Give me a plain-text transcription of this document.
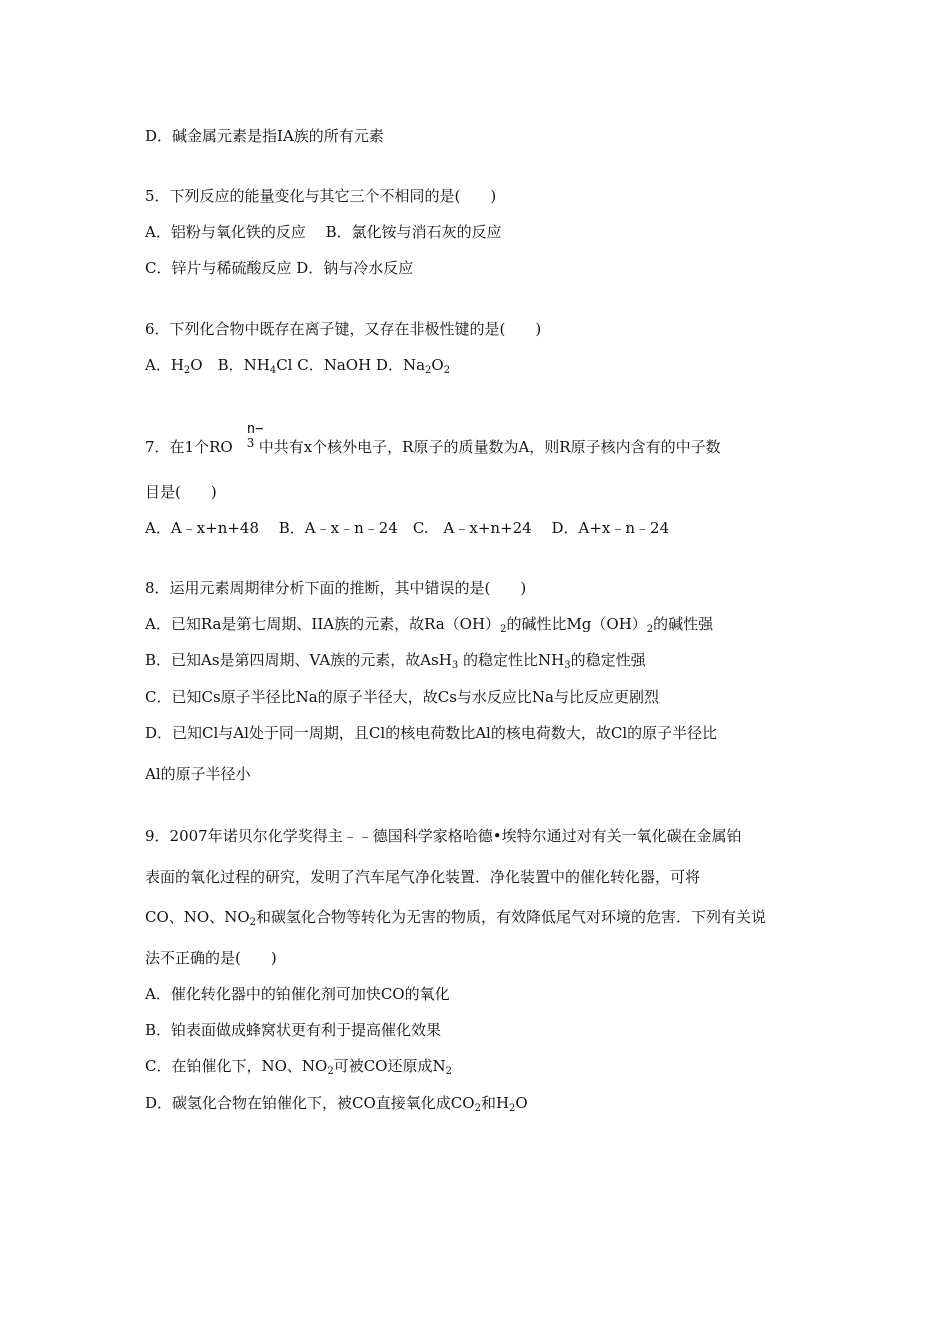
D．碱金属元素是指ⅠA族的所有元素
5．下列反应的能量变化与其它三个不相同的是(　　)
A．铝粉与氧化铁的反应　 B．氯化铵与消石灰的反应
C．锌片与稀硫酸反应 D．钠与冷水反应
6．下列化合物中既存在离子键，又存在非极性键的是(　　)
A．$H_2O$　B．$NH_4Cl$ C．NaOH D．$Na_2O_2$
7．在1个RO
n−
3 中共有x个核外电子，R原子的质量数为A，则R原子核内含有的中子数
目是(　　)
A．A﹣x+n+48　 B．A﹣x﹣n﹣24　C.　A﹣x+n+24　 D．A+x﹣n﹣24
8．运用元素周期律分析下面的推断，其中错误的是(　　)
A．已知Ra是第七周期、IIA族的元素，故$Ra(OH)_2$的碱性比$Mg(OH)_2$的碱性强
B．已知As是第四周期、VA族的元素，故AsH$_3$ 的稳定性比$NH_3$的稳定性强
C．已知Cs原子半径比Na的原子半径大，故Cs与水反应比Na与比反应更剧烈
D．已知Cl与Al处于同一周期，且Cl的核电荷数比Al的核电荷数大，故Cl的原子半径比
Al的原子半径小
9．2007年诺贝尔化学奖得主﹣﹣德国科学家格哈德•埃特尔通过对有关一氧化碳在金属铂
表面的氧化过程的研究，发明了汽车尾气净化装置．净化装置中的催化转化器，可将
CO、NO、$NO_2$和碳氢化合物等转化为无害的物质，有效降低尾气对环境的危害．下列有关说
法不正确的是(　　)
A．催化转化器中的铂催化剂可加快CO的氧化
B．铂表面做成蜂窝状更有利于提高催化效果
C．在铂催化下，NO、$NO_2$可被CO还原成$N_2$
D．碳氢化合物在铂催化下，被CO直接氧化成$CO_2$和$H_2O$
